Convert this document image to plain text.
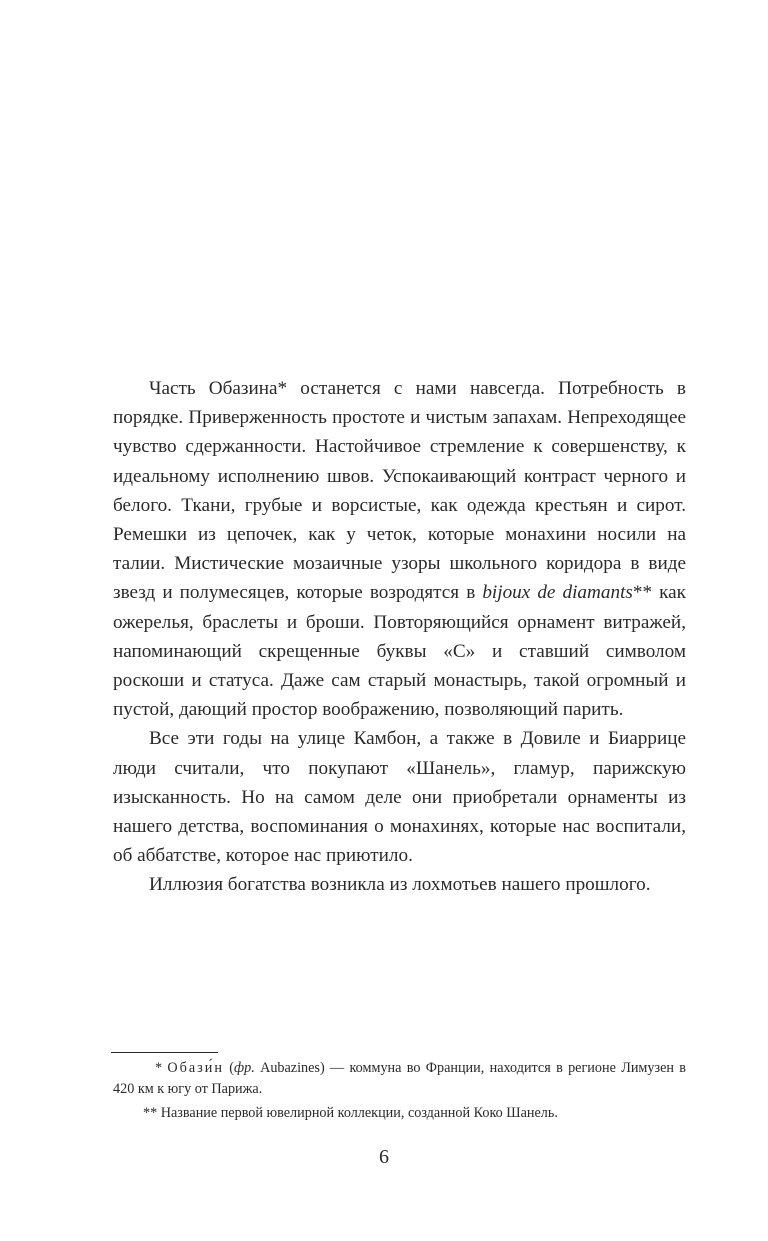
Часть Обазина* останется с нами навсегда. Потребность в порядке. Приверженность простоте и чистым запахам. Непреходящее чувство сдержанности. Настойчивое стремление к совершенству, к идеальному исполнению швов. Успокаивающий контраст черного и белого. Ткани, грубые и ворсистые, как одежда крестьян и сирот. Ремешки из цепочек, как у четок, которые монахини носили на талии. Мистические мозаичные узоры школьного коридора в виде звезд и полумесяцев, которые возродятся в bijoux de diamants** как ожерелья, браслеты и броши. Повторяющийся орнамент витражей, напоминающий скрещенные буквы «С» и ставший символом роскоши и статуса. Даже сам старый монастырь, такой огромный и пустой, дающий простор воображению, позволяющий парить.

Все эти годы на улице Камбон, а также в Довиле и Биаррице люди считали, что покупают «Шанель», гламур, парижскую изысканность. Но на самом деле они приобретали орнаменты из нашего детства, воспоминания о монахинях, которые нас воспитали, об аббатстве, которое нас приютило.

Иллюзия богатства возникла из лохмотьев нашего прошлого.

* Обази́н (фр. Aubazines) — коммуна во Франции, находится в регионе Лимузен в 420 км к югу от Парижа.

** Название первой ювелирной коллекции, созданной Коко Шанель.

6
